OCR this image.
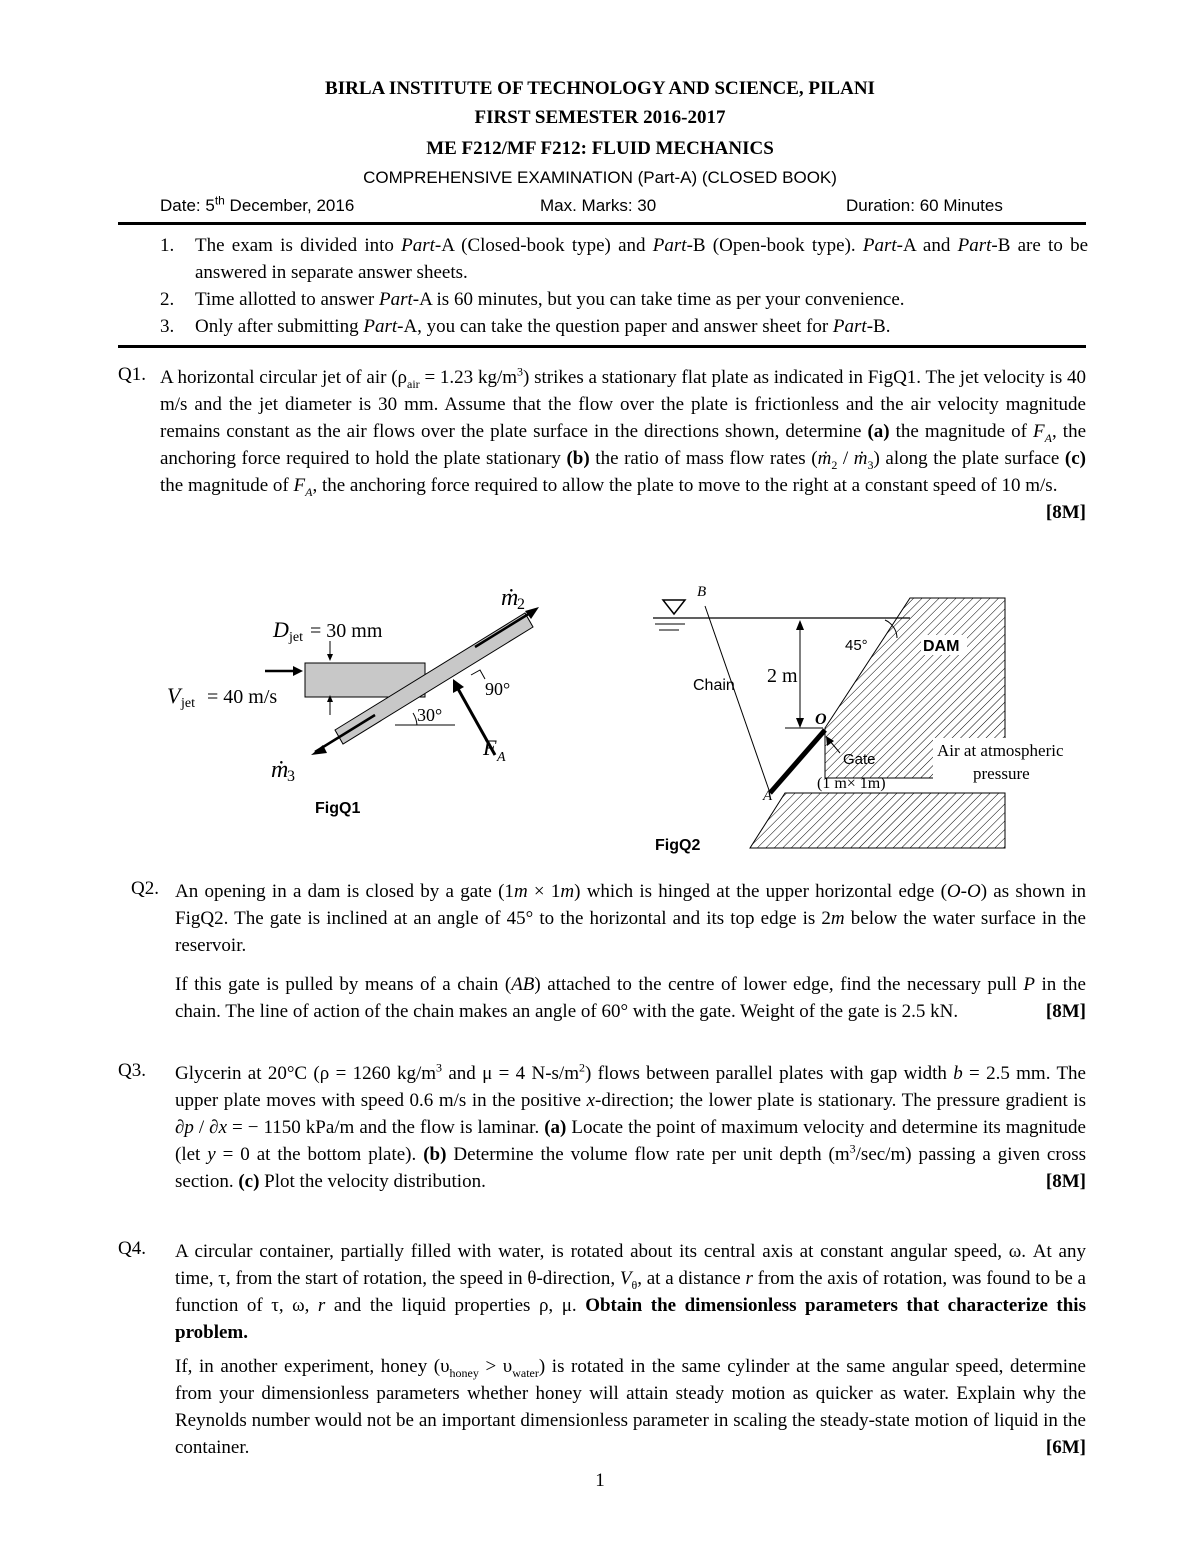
BIRLA INSTITUTE OF TECHNOLOGY AND SCIENCE, PILANI
FIRST SEMESTER 2016-2017
ME F212/MF F212: FLUID MECHANICS
COMPREHENSIVE EXAMINATION (Part-A) (CLOSED BOOK)
Date: 5th December, 2016	Max. Marks: 30	Duration: 60 Minutes
1. The exam is divided into Part-A (Closed-book type) and Part-B (Open-book type). Part-A and Part-B are to be answered in separate answer sheets.
2. Time allotted to answer Part-A is 60 minutes, but you can take time as per your convenience.
3. Only after submitting Part-A, you can take the question paper and answer sheet for Part-B.
Q1. A horizontal circular jet of air ($\rho_{air} = 1.23$ $kg/m^3$) strikes a stationary flat plate as indicated in FigQ1. The jet velocity is 40 m/s and the jet diameter is 30 mm. Assume that the flow over the plate is frictionless and the air velocity magnitude remains constant as the air flows over the plate surface in the directions shown, determine (a) the magnitude of $F_A$, the anchoring force required to hold the plate stationary (b) the ratio of mass flow rates (ṁ$_2$ / ṁ$_3$) along the plate surface (c) the magnitude of $F_A$, the anchoring force required to allow the plate to move to the right at a constant speed of 10 m/s.
[8M]
D jet = 30 mm
V jet = 40 m/s
ṁ
2
ṁ
3
F A
90°
30°
FigQ1
B
A
O
Chain 2 m
45°	DAM
Gate
(1 m× 1m)
Air at atmospheric
pressure
FigQ2
Q2. An opening in a dam is closed by a gate (1m × 1m) which is hinged at the upper horizontal edge (O-O) as shown in FigQ2. The gate is inclined at an angle of 45° to the horizontal and its top edge is 2m below the water surface in the reservoir.
If this gate is pulled by means of a chain (AB) attached to the centre of lower edge, find the necessary pull P in the chain. The line of action of the chain makes an angle of 60° with the gate. Weight of the gate is 2.5 kN.	[8M]
Q3. Glycerin at 20°C (ρ = 1260 $kg/m^3$ and μ = 4 $N-s/m^2$) flows between parallel plates with gap width b = 2.5 mm. The upper plate moves with speed 0.6 m/s in the positive x-direction; the lower plate is stationary. The pressure gradient is ∂p / ∂x = − 1150 kPa/m and the flow is laminar. (a) Locate the point of maximum velocity and determine its magnitude (let y = 0 at the bottom plate). (b) Determine the volume flow rate per unit depth $(m^3/\sec/m)$ passing a given cross section. (c) Plot the velocity distribution.	[8M]
Q4. A circular container, partially filled with water, is rotated about its central axis at constant angular speed, ω. At any time, τ, from the start of rotation, the speed in θ-direction, $V_\theta$, at a distance r from the axis of rotation, was found to be a function of τ, ω, r and the liquid properties ρ, μ. Obtain the dimensionless parameters that characterize this problem.
If, in another experiment, honey $(\upsilon_{honey} > \upsilon_{water})$ is rotated in the same cylinder at the same angular speed, determine from your dimensionless parameters whether honey will attain steady motion as quicker as water. Explain why the Reynolds number would not be an important dimensionless parameter in scaling the steady-state motion of liquid in the container.	[6M]
1
